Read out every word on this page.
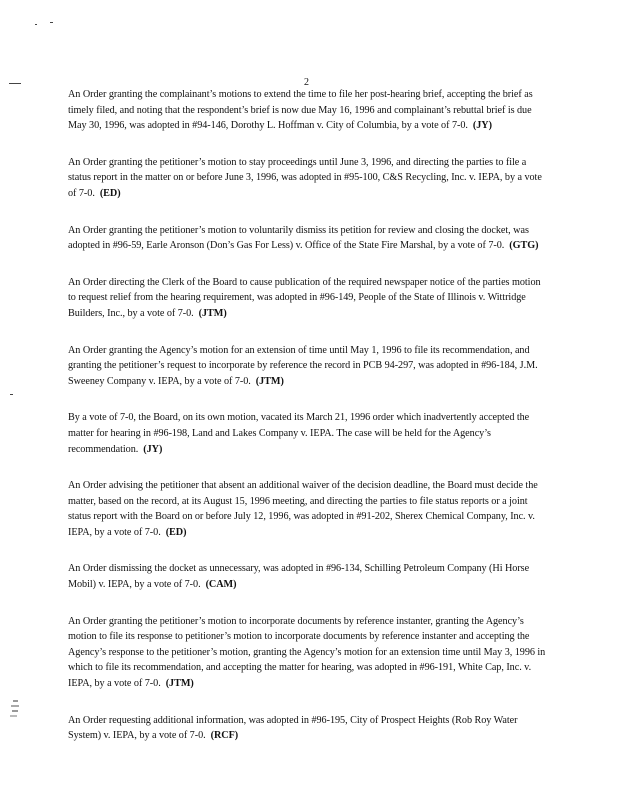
2

An Order granting the complainant’s motions to extend the time to file her post-hearing brief, accepting the brief as timely filed, and noting that the respondent’s brief is now due May 16, 1996 and complainant’s rebuttal brief is due May 30, 1996, was adopted in #94-146, Dorothy L. Hoffman v. City of Columbia, by a vote of 7-0. (JY)

An Order granting the petitioner’s motion to stay proceedings until June 3, 1996, and directing the parties to file a status report in the matter on or before June 3, 1996, was adopted in #95-100, C&S Recycling, Inc. v. IEPA, by a vote of 7-0. (ED)

An Order granting the petitioner’s motion to voluntarily dismiss its petition for review and closing the docket, was adopted in #96-59, Earle Aronson (Don’s Gas For Less) v. Office of the State Fire Marshal, by a vote of 7-0. (GTG)

An Order directing the Clerk of the Board to cause publication of the required newspaper notice of the parties motion to request relief from the hearing requirement, was adopted in #96-149, People of the State of Illinois v. Wittridge Builders, Inc., by a vote of 7-0. (JTM)

An Order granting the Agency’s motion for an extension of time until May 1, 1996 to file its recommendation, and granting the petitioner’s request to incorporate by reference the record in PCB 94-297, was adopted in #96-184, J.M. Sweeney Company v. IEPA, by a vote of 7-0. (JTM)

By a vote of 7-0, the Board, on its own motion, vacated its March 21, 1996 order which inadvertently accepted the matter for hearing in #96-198, Land and Lakes Company v. IEPA. The case will be held for the Agency’s recommendation. (JY)

An Order advising the petitioner that absent an additional waiver of the decision deadline, the Board must decide the matter, based on the record, at its August 15, 1996 meeting, and directing the parties to file status reports or a joint status report with the Board on or before July 12, 1996, was adopted in #91-202, Sherex Chemical Company, Inc. v. IEPA, by a vote of 7-0. (ED)

An Order dismissing the docket as unnecessary, was adopted in #96-134, Schilling Petroleum Company (Hi Horse Mobil) v. IEPA, by a vote of 7-0. (CAM)

An Order granting the petitioner’s motion to incorporate documents by reference instanter, granting the Agency’s motion to file its response to petitioner’s motion to incorporate documents by reference instanter and accepting the Agency’s response to the petitioner’s motion, granting the Agency’s motion for an extension time until May 3, 1996 in which to file its recommendation, and accepting the matter for hearing, was adopted in #96-191, White Cap, Inc. v. IEPA, by a vote of 7-0. (JTM)

An Order requesting additional information, was adopted in #96-195, City of Prospect Heights (Rob Roy Water System) v. IEPA, by a vote of 7-0. (RCF)
